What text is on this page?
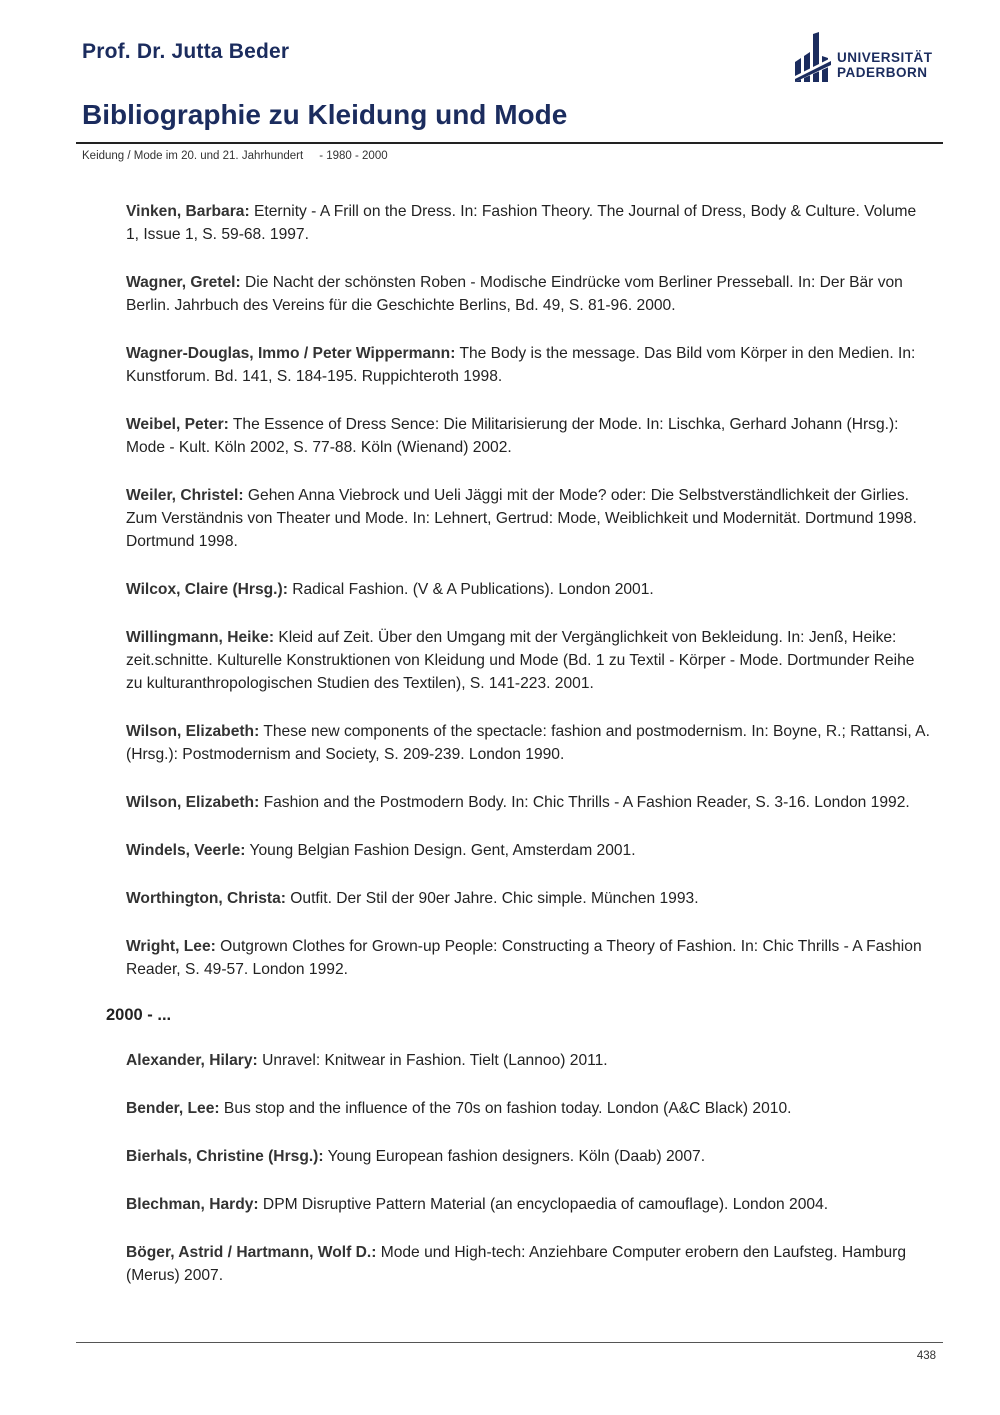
Prof. Dr. Jutta Beder	UNIVERSITÄT
PADERBORN
Bibliographie zu Kleidung und Mode
Keidung / Mode im 20. und 21. Jahrhundert - 1980 - 2000

Vinken, Barbara: Eternity - A Frill on the Dress. In: Fashion Theory. The Journal of Dress, Body & Culture. Volume 1, Issue 1, S. 59-68. 1997.

Wagner, Gretel: Die Nacht der schönsten Roben - Modische Eindrücke vom Berliner Presseball. In: Der Bär von Berlin. Jahrbuch des Vereins für die Geschichte Berlins, Bd. 49, S. 81-96. 2000.

Wagner-Douglas, Immo / Peter Wippermann: The Body is the message. Das Bild vom Körper in den Medien. In: Kunstforum. Bd. 141, S. 184-195. Ruppichteroth 1998.

Weibel, Peter: The Essence of Dress Sence: Die Militarisierung der Mode. In: Lischka, Gerhard Johann (Hrsg.): Mode - Kult. Köln 2002, S. 77-88. Köln (Wienand) 2002.

Weiler, Christel: Gehen Anna Viebrock und Ueli Jäggi mit der Mode? oder: Die Selbstverständlichkeit der Girlies. Zum Verständnis von Theater und Mode. In: Lehnert, Gertrud: Mode, Weiblichkeit und Modernität. Dortmund 1998. Dortmund 1998.

Wilcox, Claire (Hrsg.): Radical Fashion. (V & A Publications). London 2001.

Willingmann, Heike: Kleid auf Zeit. Über den Umgang mit der Vergänglichkeit von Bekleidung. In: Jenß, Heike: zeit.schnitte. Kulturelle Konstruktionen von Kleidung und Mode (Bd. 1 zu Textil - Körper - Mode. Dortmunder Reihe zu kulturanthropologischen Studien des Textilen), S. 141-223. 2001.

Wilson, Elizabeth: These new components of the spectacle: fashion and postmodernism. In: Boyne, R.; Rattansi, A. (Hrsg.): Postmodernism and Society, S. 209-239. London 1990.

Wilson, Elizabeth: Fashion and the Postmodern Body. In: Chic Thrills - A Fashion Reader, S. 3-16. London 1992.

Windels, Veerle: Young Belgian Fashion Design. Gent, Amsterdam 2001.

Worthington, Christa: Outfit. Der Stil der 90er Jahre. Chic simple. München 1993.

Wright, Lee: Outgrown Clothes for Grown-up People: Constructing a Theory of Fashion. In: Chic Thrills - A Fashion Reader, S. 49-57. London 1992.

2000 - ...

Alexander, Hilary: Unravel: Knitwear in Fashion. Tielt (Lannoo) 2011.

Bender, Lee: Bus stop and the influence of the 70s on fashion today. London (A&C Black) 2010.

Bierhals, Christine (Hrsg.): Young European fashion designers. Köln (Daab) 2007.

Blechman, Hardy: DPM Disruptive Pattern Material (an encyclopaedia of camouflage). London 2004.

Böger, Astrid / Hartmann, Wolf D.: Mode und High-tech: Anziehbare Computer erobern den Laufsteg. Hamburg (Merus) 2007.

438
